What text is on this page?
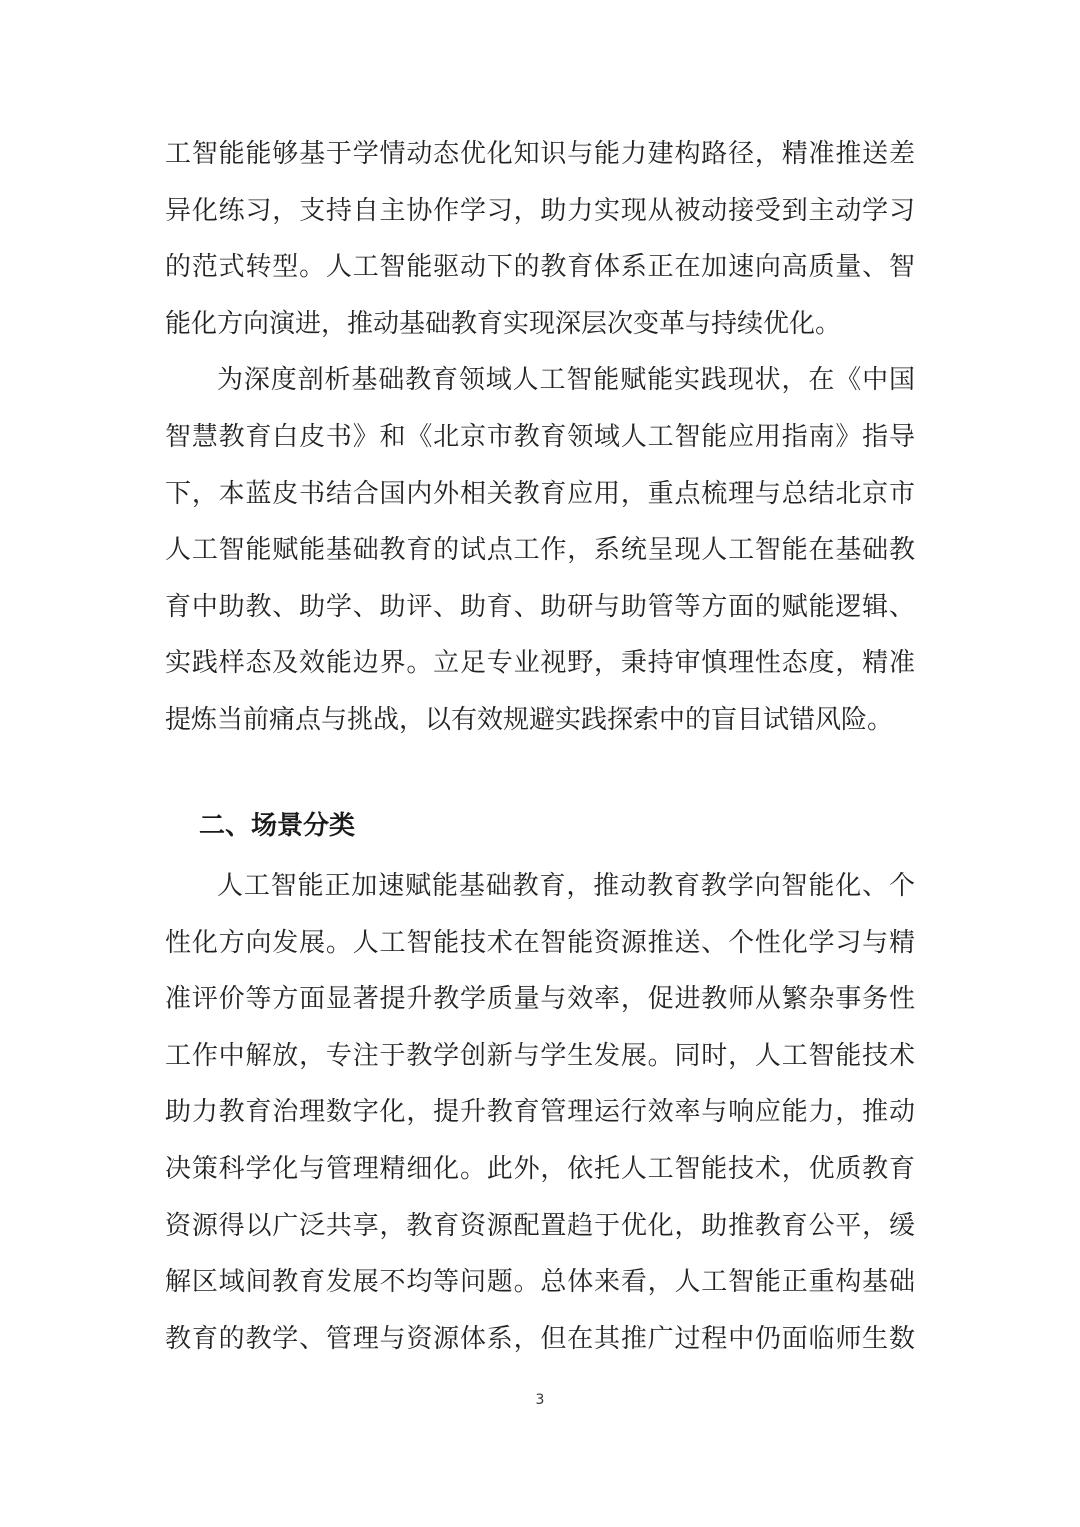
工智能能够基于学情动态优化知识与能力建构路径，精准推送差
异化练习，支持自主协作学习，助力实现从被动接受到主动学习
的范式转型。人工智能驱动下的教育体系正在加速向高质量、智
能化方向演进，推动基础教育实现深层次变革与持续优化。
为深度剖析基础教育领域人工智能赋能实践现状，在《中国
智慧教育白皮书》和《北京市教育领域人工智能应用指南》指导
下，本蓝皮书结合国内外相关教育应用，重点梳理与总结北京市
人工智能赋能基础教育的试点工作，系统呈现人工智能在基础教
育中助教、助学、助评、助育、助研与助管等方面的赋能逻辑、
实践样态及效能边界。立足专业视野，秉持审慎理性态度，精准
提炼当前痛点与挑战，以有效规避实践探索中的盲目试错风险。
二、场景分类
人工智能正加速赋能基础教育，推动教育教学向智能化、个
性化方向发展。人工智能技术在智能资源推送、个性化学习与精
准评价等方面显著提升教学质量与效率，促进教师从繁杂事务性
工作中解放，专注于教学创新与学生发展。同时，人工智能技术
助力教育治理数字化，提升教育管理运行效率与响应能力，推动
决策科学化与管理精细化。此外，依托人工智能技术，优质教育
资源得以广泛共享，教育资源配置趋于优化，助推教育公平，缓
解区域间教育发展不均等问题。总体来看，人工智能正重构基础
教育的教学、管理与资源体系，但在其推广过程中仍面临师生数
3
